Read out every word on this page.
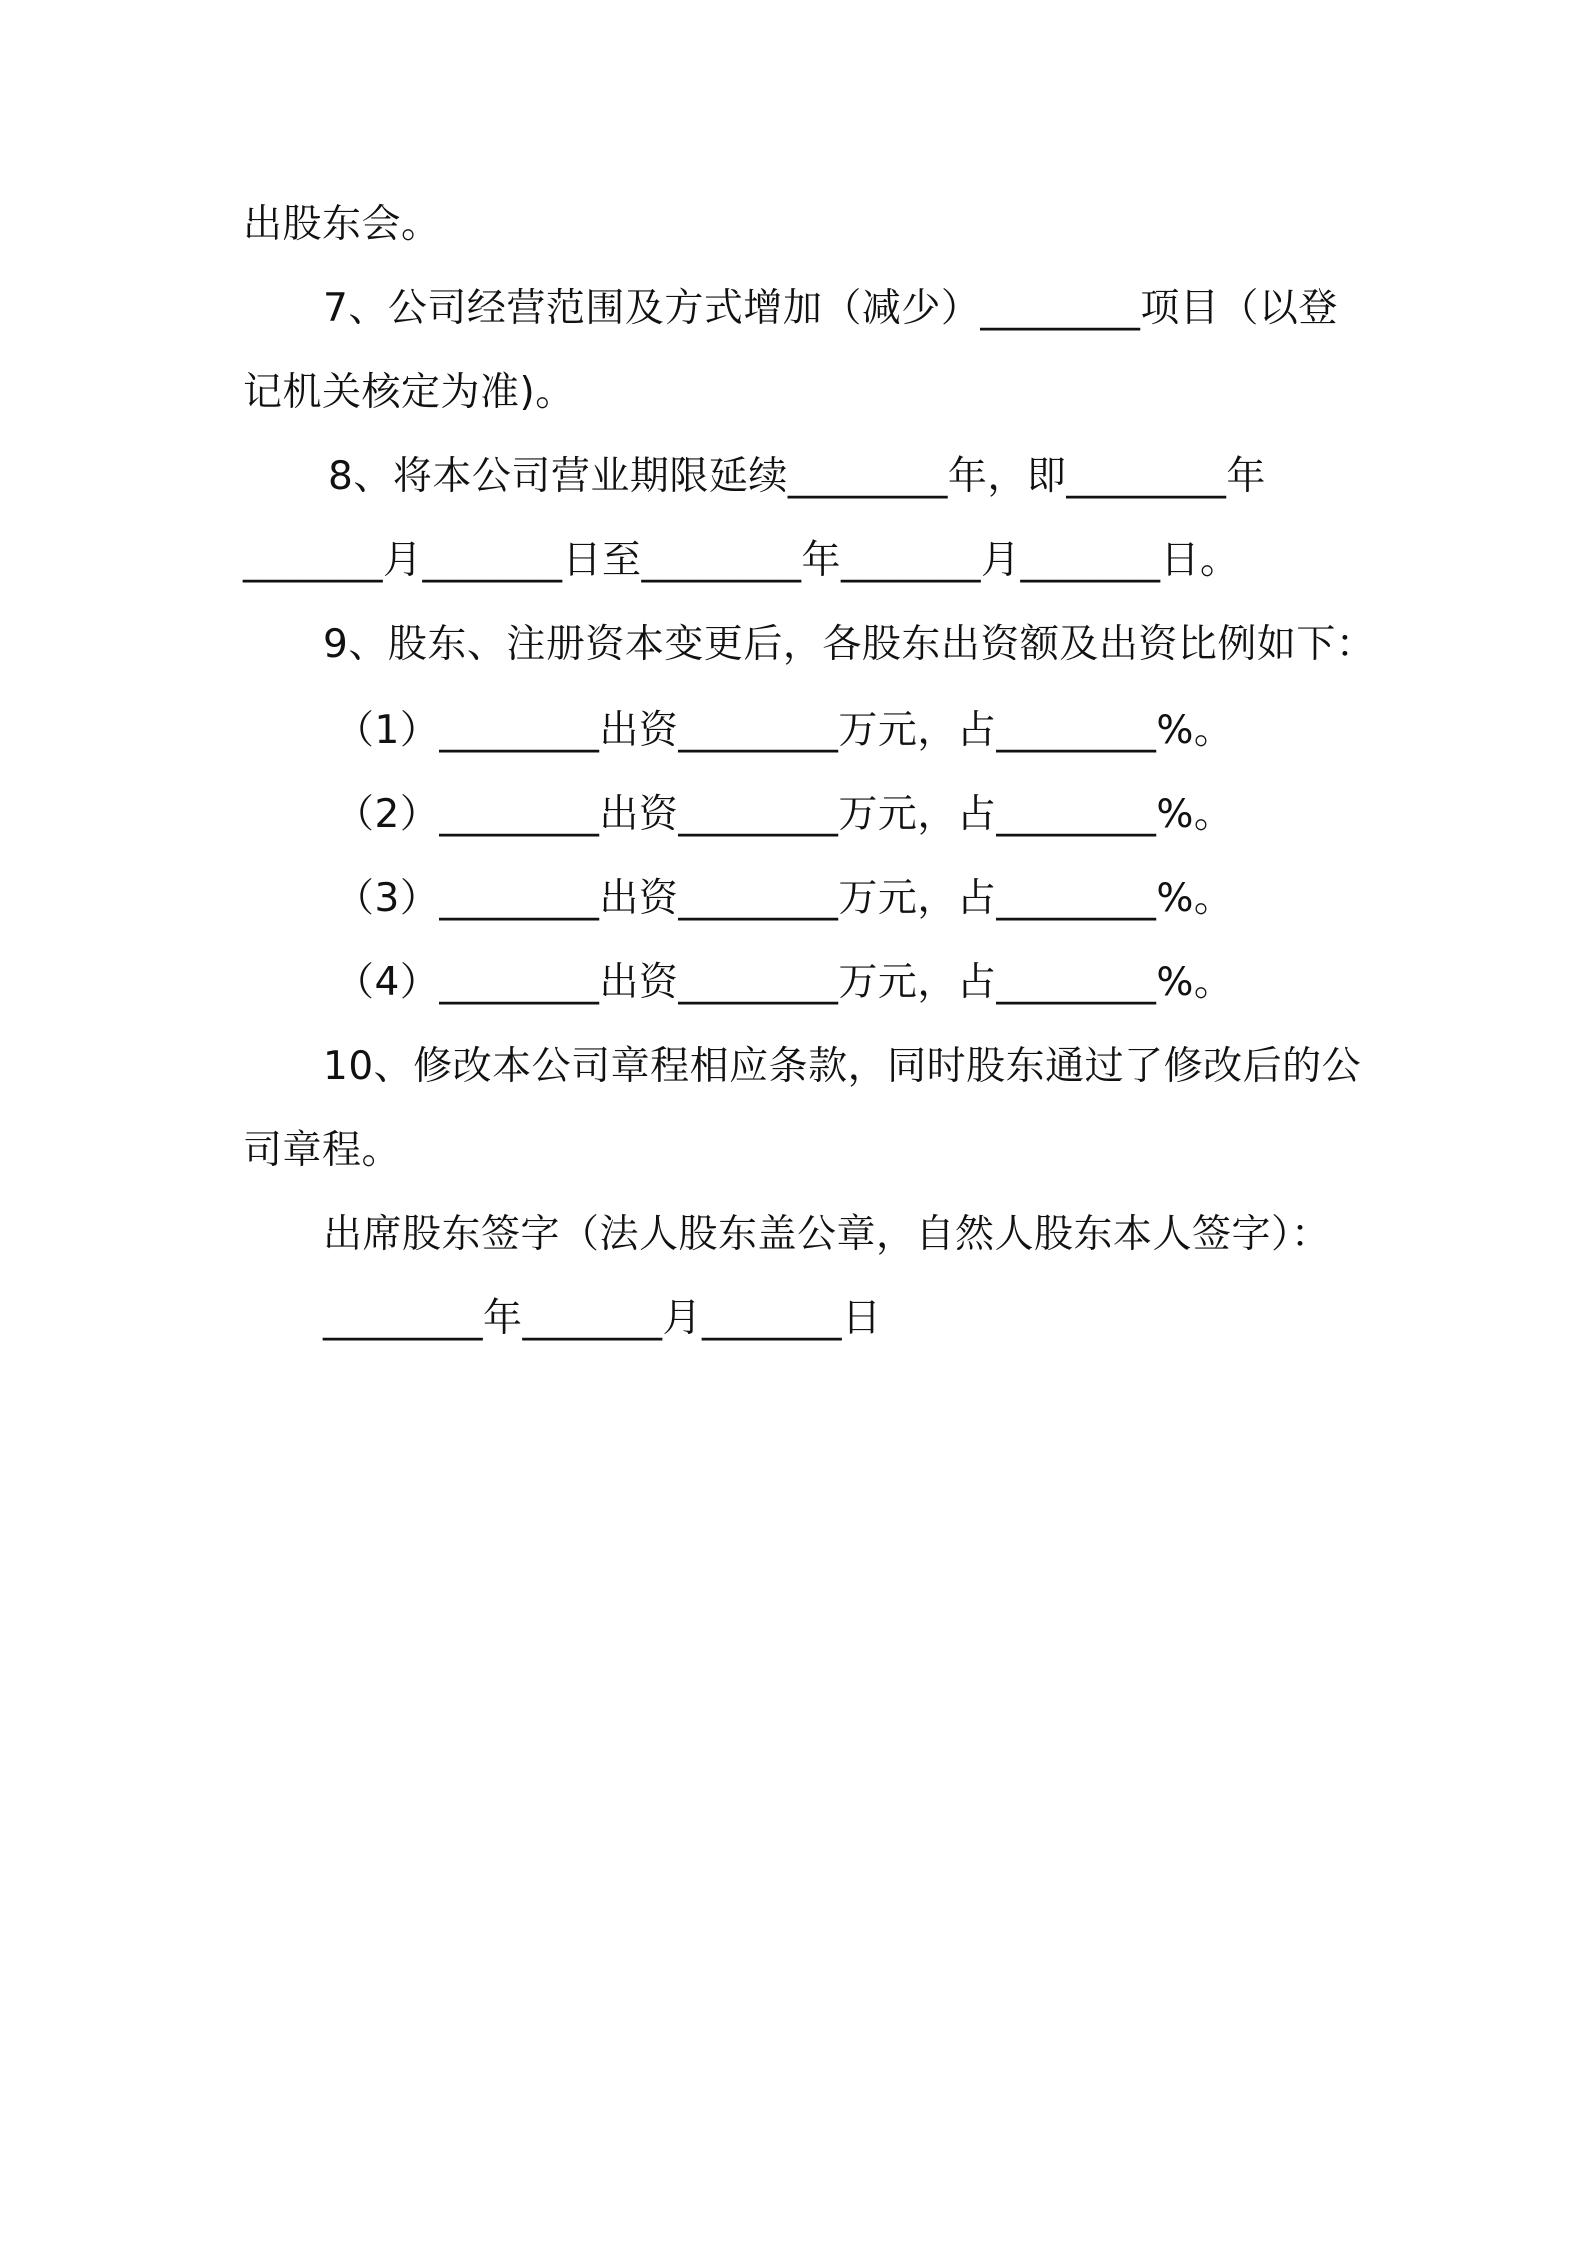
出股东会。
7、公司经营范围及方式增加（减少）________项目（以登
记机关核定为准)。
8、将本公司营业期限延续________年，即________年
_______月_______日至________年_______月_______日。
9、股东、注册资本变更后，各股东出资额及出资比例如下：
（1）________出资________万元，占________%。
（2）________出资________万元，占________%。
（3）________出资________万元，占________%。
（4）________出资________万元，占________%。
10、修改本公司章程相应条款，同时股东通过了修改后的公
司章程。
出席股东签字（法人股东盖公章，自然人股东本人签字）：
________年_______月_______日
